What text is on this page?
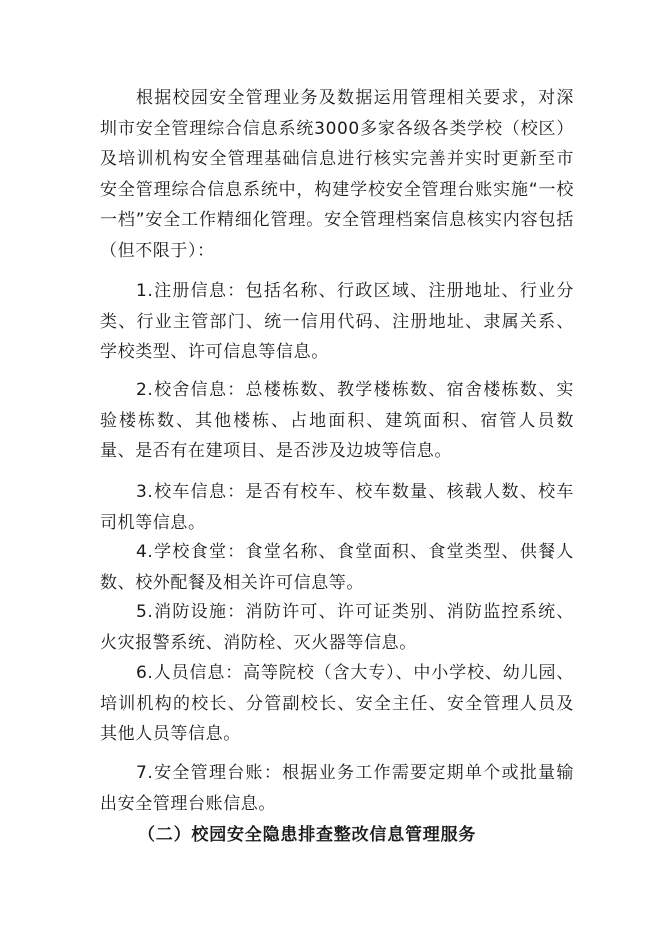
根据校园安全管理业务及数据运用管理相关要求，对深圳市安全管理综合信息系统3000多家各级各类学校（校区）及培训机构安全管理基础信息进行核实完善并实时更新至市安全管理综合信息系统中，构建学校安全管理台账实施“一校一档”安全工作精细化管理。安全管理档案信息核实内容包括（但不限于）：

1.注册信息：包括名称、行政区域、注册地址、行业分类、行业主管部门、统一信用代码、注册地址、隶属关系、学校类型、许可信息等信息。

2.校舍信息：总楼栋数、教学楼栋数、宿舍楼栋数、实验楼栋数、其他楼栋、占地面积、建筑面积、宿管人员数量、是否有在建项目、是否涉及边坡等信息。

3.校车信息：是否有校车、校车数量、核载人数、校车司机等信息。

4.学校食堂：食堂名称、食堂面积、食堂类型、供餐人数、校外配餐及相关许可信息等。

5.消防设施：消防许可、许可证类别、消防监控系统、火灾报警系统、消防栓、灭火器等信息。

6.人员信息：高等院校（含大专）、中小学校、幼儿园、培训机构的校长、分管副校长、安全主任、安全管理人员及其他人员等信息。

7.安全管理台账：根据业务工作需要定期单个或批量输出安全管理台账信息。

（二）校园安全隐患排查整改信息管理服务
